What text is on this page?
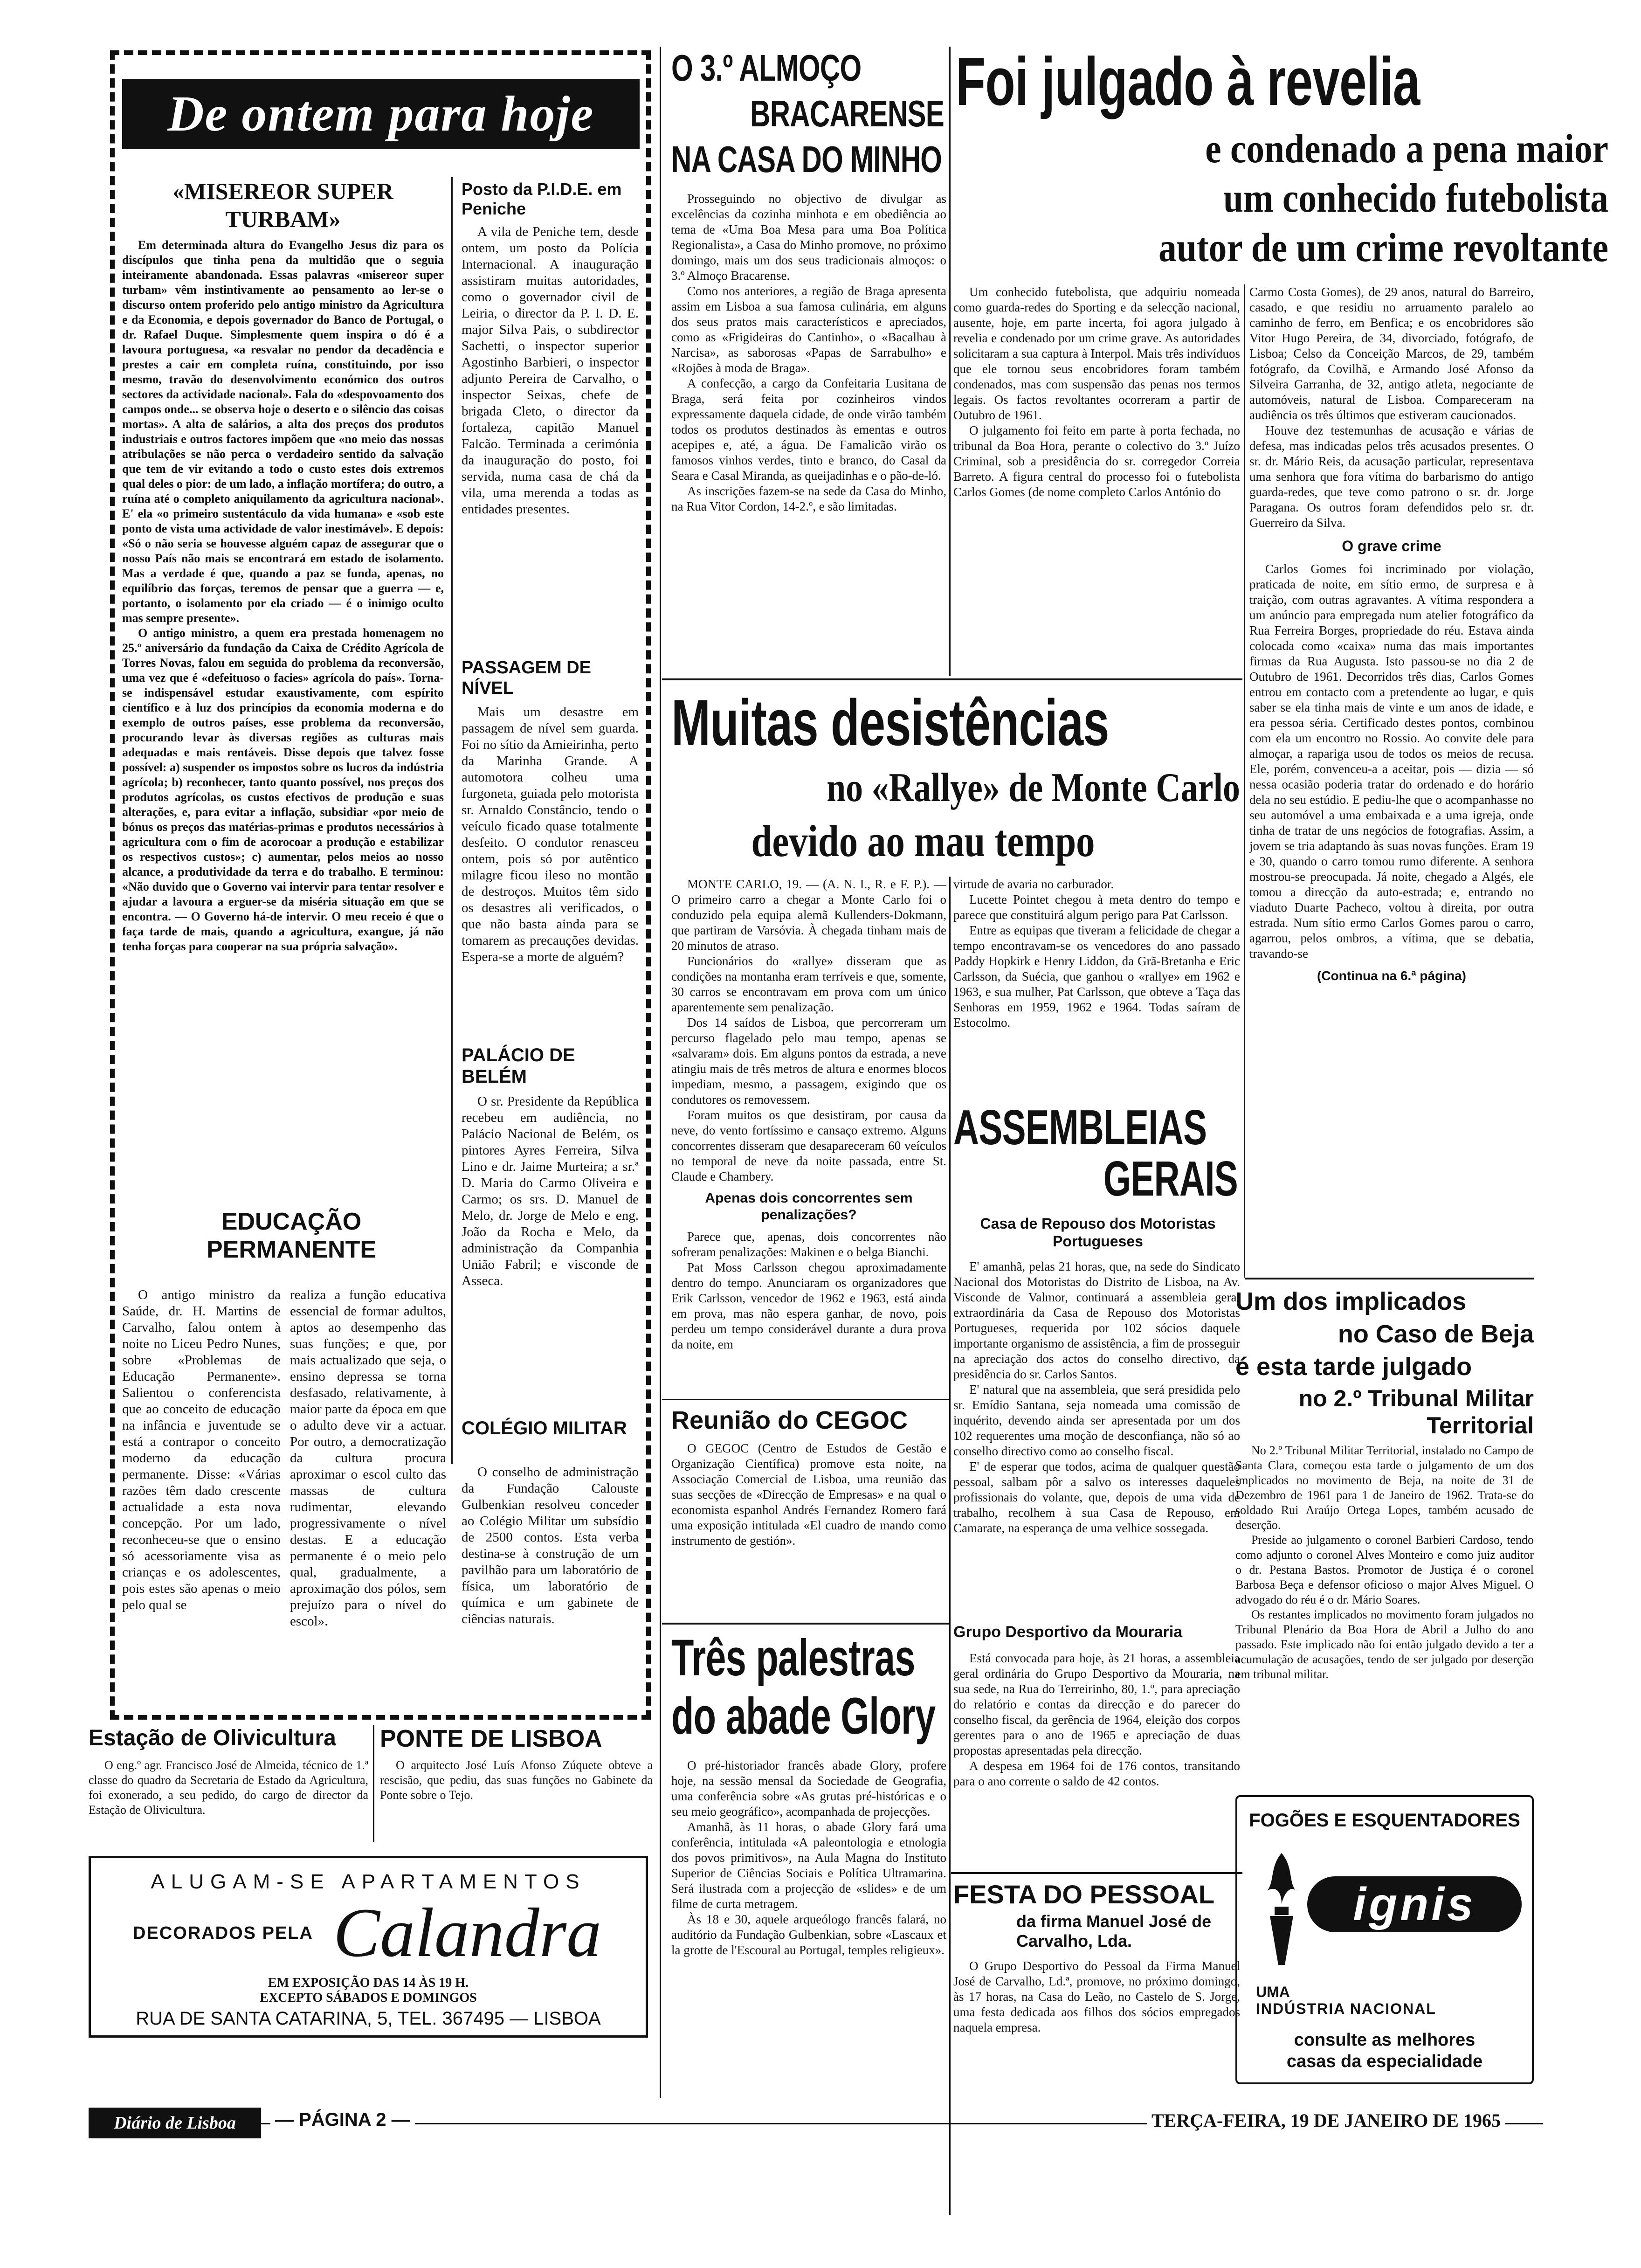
De ontem para hoje
«MISEREOR SUPER TURBAM»

Em determinada altura do Evangelho Jesus diz para os discípulos que tinha pena da multidão que o seguia inteiramente abandonada. Essas palavras «misereor super turbam» vêm instintivamente ao pensamento ao ler-se o discurso ontem proferido pelo antigo ministro da Agricultura e da Economia, e depois governador do Banco de Portugal, o dr. Rafael Duque. Simplesmente quem inspira o dó é a lavoura portuguesa, «a resvalar no pendor da decadência e prestes a cair em completa ruína, constituindo, por isso mesmo, travão do desenvolvimento económico dos outros sectores da actividade nacional». Fala do «despovoamento dos campos onde... se observa hoje o deserto e o silêncio das coisas mortas». A alta de salários, a alta dos preços dos produtos industriais e outros factores impõem que «no meio das nossas atribulações se não perca o verdadeiro sentido da salvação que tem de vir evitando a todo o custo estes dois extremos qual deles o pior: de um lado, a inflação mortífera; do outro, a ruína até o completo aniquilamento da agricultura nacional». E' ela «o primeiro sustentáculo da vida humana» e «sob este ponto de vista uma actividade de valor inestimável». E depois: «Só o não seria se houvesse alguém capaz de assegurar que o nosso País não mais se encontrará em estado de isolamento. Mas a verdade é que, quando a paz se funda, apenas, no equilíbrio das forças, teremos de pensar que a guerra — e, portanto, o isolamento por ela criado — é o inimigo oculto mas sempre presente».

O antigo ministro, a quem era prestada homenagem no 25.º aniversário da fundação da Caixa de Crédito Agrícola de Torres Novas, falou em seguida do problema da reconversão, uma vez que é «defeituoso o facies» agrícola do país». Torna-se indispensável estudar exaustivamente, com espírito científico e à luz dos princípios da economia moderna e do exemplo de outros países, esse problema da reconversão, procurando levar às diversas regiões as culturas mais adequadas e mais rentáveis. Disse depois que talvez fosse possível: a) suspender os impostos sobre os lucros da indústria agrícola; b) reconhecer, tanto quanto possível, nos preços dos produtos agrícolas, os custos efectivos de produção e suas alterações, e, para evitar a inflação, subsidiar «por meio de bónus os preços das matérias-primas e produtos necessários à agricultura com o fim de acorocoar a produção e estabilizar os respectivos custos»; c) aumentar, pelos meios ao nosso alcance, a produtividade da terra e do trabalho. E terminou: «Não duvido que o Governo vai intervir para tentar resolver e ajudar a lavoura a erguer-se da miséria situação em que se encontra. — O Governo há-de intervir. O meu receio é que o faça tarde de mais, quando a agricultura, exangue, já não tenha forças para cooperar na sua própria salvação».

Posto da P.I.D.E. em Peniche

A vila de Peniche tem, desde ontem, um posto da Polícia Internacional. A inauguração assistiram muitas autoridades, como o governador civil de Leiria, o director da P. I. D. E. major Silva Pais, o subdirector Sachetti, o inspector superior Agostinho Barbieri, o inspector adjunto Pereira de Carvalho, o inspector Seixas, chefe de brigada Cleto, o director da fortaleza, capitão Manuel Falcão. Terminada a cerimónia da inauguração do posto, foi servida, numa casa de chá da vila, uma merenda a todas as entidades presentes.

PASSAGEM DE NÍVEL

Mais um desastre em passagem de nível sem guarda. Foi no sítio da Amieirinha, perto da Marinha Grande. A automotora colheu uma furgoneta, guiada pelo motorista sr. Arnaldo Constâncio, tendo o veículo ficado quase totalmente desfeito. O condutor renasceu ontem, pois só por autêntico milagre ficou ileso no montão de destroços. Muitos têm sido os desastres ali verificados, o que não basta ainda para se tomarem as precauções devidas. Espera-se a morte de alguém?

PALÁCIO DE BELÉM

O sr. Presidente da República recebeu em audiência, no Palácio Nacional de Belém, os pintores Ayres Ferreira, Silva Lino e dr. Jaime Murteira; a sr.ª D. Maria do Carmo Oliveira e Carmo; os srs. D. Manuel de Melo, dr. Jorge de Melo e eng. João da Rocha e Melo, da administração da Companhia União Fabril; e visconde de Assecа.

COLÉGIO MILITAR

O conselho de administração da Fundação Calouste Gulbenkian resolveu conceder ao Colégio Militar um subsídio de 2500 contos. Esta verba destina-se à construção de um pavilhão para um laboratório de física, um laboratório de química e um gabinete de ciências naturais.

EDUCAÇÃO PERMANENTE

O antigo ministro da Saúde, dr. H. Martins de Carvalho, falou ontem à noite no Liceu Pedro Nunes, sobre «Problemas de Educação Permanente». Salientou o conferencista que ao conceito de educação na infância e juventude se está a contrapor o conceito moderno da educação permanente. Disse: «Várias razões têm dado crescente actualidade a esta nova concepção. Por um lado, reconheceu-se que o ensino só acessoriamente visa as crianças e os adolescentes, pois estes são apenas o meio pelo qual se

realiza a função educativa essencial de formar adultos, aptos ao desempenho das suas funções; e que, por mais actualizado que seja, o ensino depressa se torna desfasado, relativamente, à maior parte da época em que o adulto deve vir a actuar. Por outro, a democratização da cultura procura aproximar o escol culto das massas de cultura rudimentar, elevando progressivamente o nível destas. E a educação permanente é o meio pelo qual, gradualmente, a aproximação dos pólos, sem prejuízo para o nível do escol».

Estação de Olivicultura

O eng.º agr. Francisco José de Almeida, técnico de 1.ª classe do quadro da Secretaria de Estado da Agricultura, foi exonerado, a seu pedido, do cargo de director da Estação de Olivicultura.

PONTE DE LISBOA

O arquitecto José Luís Afonso Zúquete obteve a rescisão, que pediu, das suas funções no Gabinete da Ponte sobre o Tejo.

ALUGAM-SE APARTAMENTOS
DECORADOS PELA Calandra
EM EXPOSIÇÃO DAS 14 ÀS 19 H.
EXCEPTO SÁBADOS E DOMINGOS
RUA DE SANTA CATARINA, 5, TEL. 367495 — LISBOA
O 3.º ALMOÇO
BRACARENSE
NA CASA DO MINHO

Prosseguindo no objectivo de divulgar as excelências da cozinha minhota e em obediência ao tema de «Uma Boa Mesa para uma Boa Política Regionalista», a Casa do Minho promove, no próximo domingo, mais um dos seus tradicionais almoços: o 3.º Almoço Bracarense.

Como nos anteriores, a região de Braga apresenta assim em Lisboa a sua famosa culinária, em alguns dos seus pratos mais característicos e apreciados, como as «Frigideiras do Cantinho», o «Bacalhau à Narcisa», as saborosas «Papas de Sarrabulho» e «Rojões à moda de Braga».

A confecção, a cargo da Confeitaria Lusitana de Braga, será feita por cozinheiros vindos expressamente daquela cidade, de onde virão também todos os produtos destinados às ementas e outros acepipes e, até, a água. De Famalicão virão os famosos vinhos verdes, tinto e branco, do Casal da Seara e Casal Miranda, as queijadinhas e o pão-de-ló.

As inscrições fazem-se na sede da Casa do Minho, na Rua Vitor Cordon, 14-2.º, e são limitadas.

Foi julgado à revelia
e condenado a pena maior
um conhecido futebolista
autor de um crime revoltante

Um conhecido futebolista, que adquiriu nomeada como guarda-redes do Sporting e da selecção nacional, ausente, hoje, em parte incerta, foi agora julgado à revelia e condenado por um crime grave. As autoridades solicitaram a sua captura à Interpol. Mais três indivíduos que ele tornou seus encobridores foram também condenados, mas com suspensão das penas nos termos legais. Os factos revoltantes ocorreram a partir de Outubro de 1961.

O julgamento foi feito em parte à porta fechada, no tribunal da Boa Hora, perante o colectivo do 3.º Juízo Criminal, sob a presidência do sr. corregedor Correia Barreto. A figura central do processo foi o futebolista Carlos Gomes (de nome completo Carlos António do

Carmo Costa Gomes), de 29 anos, natural do Barreiro, casado, e que residiu no arruamento paralelo ao caminho de ferro, em Benfica; e os encobridores são Vitor Hugo Pereira, de 34, divorciado, fotógrafo, de Lisboa; Celso da Conceição Marcos, de 29, também fotógrafo, da Covilhã, e Armando José Afonso da Silveira Garranha, de 32, antigo atleta, negociante de automóveis, natural de Lisboa. Compareceram na audiência os três últimos que estiveram caucionados.

Houve dez testemunhas de acusação e várias de defesa, mas indicadas pelos três acusados presentes. O sr. dr. Mário Reis, da acusação particular, representava uma senhora que fora vítima do barbarismo do antigo guarda-redes, que teve como patrono o sr. dr. Jorge Paragana. Os outros foram defendidos pelo sr. dr. Guerreiro da Silva.

O grave crime

Carlos Gomes foi incriminado por violação, praticada de noite, em sítio ermo, de surpresa e à traição, com outras agravantes. A vítima respondera a um anúncio para empregada num atelier fotográfico da Rua Ferreira Borges, propriedade do réu. Estava ainda colocada como «caixa» numa das mais importantes firmas da Rua Augusta. Isto passou-se no dia 2 de Outubro de 1961. Decorridos três dias, Carlos Gomes entrou em contacto com a pretendente ao lugar, e quis saber se ela tinha mais de vinte e um anos de idade, e era pessoa séria. Certificado destes pontos, combinou com ela um encontro no Rossio. Ao convite dele para almoçar, a rapariga usou de todos os meios de recusa. Ele, porém, convenceu-a a aceitar, pois — dizia — só nessa ocasião poderia tratar do ordenado e do horário dela no seu estúdio. E pediu-lhe que o acompanhasse no seu automóvel a uma embaixada e a uma igreja, onde tinha de tratar de uns negócios de fotografias. Assim, a jovem se tria adaptando às suas novas funções. Eram 19 e 30, quando o carro tomou rumo diferente. A senhora mostrou-se preocupada. Já noite, chegado a Algés, ele tomou a direcção da auto-estrada; e, entrando no viaduto Duarte Pacheco, voltou à direita, por outra estrada. Num sítio ermo Carlos Gomes parou o carro, agarrou, pelos ombros, a vítima, que se debatia, travando-se

(Continua na 6.ª página)
Muitas desistências
no «Rallye» de Monte Carlo
devido ao mau tempo

MONTE CARLO, 19. — (A. N. I., R. e F. P.). — O primeiro carro a chegar a Monte Carlo foi o conduzido pela equipa alemã Kullenders-Dokmann, que partiram de Varsóvia. À chegada tinham mais de 20 minutos de atraso.

Funcionários do «rallye» disseram que as condições na montanha eram terríveis e que, somente, 30 carros se encontravam em prova com um único aparentemente sem penalização.

Dos 14 saídos de Lisboa, que percorreram um percurso flagelado pelo mau tempo, apenas se «salvaram» dois. Em alguns pontos da estrada, a neve atingiu mais de três metros de altura e enormes blocos impediam, mesmo, a passagem, exigindo que os condutores os removessem.

Foram muitos os que desistiram, por causa da neve, do vento fortíssimo e cansaço extremo. Alguns concorrentes disseram que desapareceram 60 veículos no temporal de neve da noite passada, entre St. Claude e Chambery.

Apenas dois concorrentes sem penalizações?

Parece que, apenas, dois concorrentes não sofreram penalizações: Makinen e o belga Bianchi.

Pat Moss Carlsson chegou aproximadamente dentro do tempo. Anunciaram os organizadores que Erik Carlsson, vencedor de 1962 e 1963, está ainda em prova, mas não espera ganhar, de novo, pois perdeu um tempo considerável durante a dura prova da noite, em

virtude de avaria no carburador.

Lucette Pointet chegou à meta dentro do tempo e parece que constituirá algum perigo para Pat Carlsson.

Entre as equipas que tiveram a felicidade de chegar a tempo encontravam-se os vencedores do ano passado Paddy Hopkirk e Henry Liddon, da Grã-Bretanha e Eric Carlsson, da Suécia, que ganhou o «rallye» em 1962 e 1963, e sua mulher, Pat Carlsson, que obteve a Taça das Senhoras em 1959, 1962 e 1964. Todas saíram de Estocolmo.

ASSEMBLEIAS
GERAIS
Casa de Repouso dos Motoristas Portugueses

E' amanhã, pelas 21 horas, que, na sede do Sindicato Nacional dos Motoristas do Distrito de Lisboa, na Av. Visconde de Valmor, continuará a assembleia geral extraordinária da Casa de Repouso dos Motoristas Portugueses, requerida por 102 sócios daquele importante organismo de assistência, a fim de prosseguir na apreciação dos actos do conselho directivo, da presidência do sr. Carlos Santos.

E' natural que na assembleia, que será presidida pelo sr. Emídio Santana, seja nomeada uma comissão de inquérito, devendo ainda ser apresentada por um dos 102 requerentes uma moção de desconfiança, não só ao conselho directivo como ao conselho fiscal.

E' de esperar que todos, acima de qualquer questão pessoal, salbam pôr a salvo os interesses daqueles profissionais do volante, que, depois de uma vida de trabalho, recolhem à sua Casa de Repouso, em Camarate, na esperança de uma velhice sossegada.

Grupo Desportivo da Mouraria

Está convocada para hoje, às 21 horas, a assembleia geral ordinária do Grupo Desportivo da Mouraria, na sua sede, na Rua do Terreirinho, 80, 1.º, para apreciação do relatório e contas da direcção e do parecer do conselho fiscal, da gerência de 1964, eleição dos corpos gerentes para o ano de 1965 e apreciação de duas propostas apresentadas pela direcção.

A despesa em 1964 foi de 176 contos, transitando para o ano corrente o saldo de 42 contos.

Reunião do CEGOC

O GEGOC (Centro de Estudos de Gestão e Organização Científica) promove esta noite, na Associação Comercial de Lisboa, uma reunião das suas secções de «Direcção de Empresas» e na qual o economista espanhol Andrés Fernandez Romero fará uma exposição intitulada «El cuadro de mando como instrumento de gestión».

Três palestras
do abade Glory

O pré-historiador francês abade Glory, profere hoje, na sessão mensal da Sociedade de Geografia, uma conferência sobre «As grutas pré-históricas e o seu meio geográfico», acompanhada de projecções.

Amanhã, às 11 horas, o abade Glory fará uma conferência, intitulada «A paleontologia e etnologia dos povos primitivos», na Aula Magna do Instituto Superior de Ciências Sociais e Política Ultramarina. Será ilustrada com a projecção de «slides» e de um filme de curta metragem.

Às 18 e 30, aquele arqueólogo francês falará, no auditório da Fundação Gulbenkian, sobre «Lascaux et la grotte de l'Escoural au Portugal, temples religieux».

FESTA DO PESSOAL
da firma Manuel José de Carvalho, Lda.

O Grupo Desportivo do Pessoal da Firma Manuel José de Carvalho, Ld.ª, promove, no próximo domingo, às 17 horas, na Casa do Leão, no Castelo de S. Jorge, uma festa dedicada aos filhos dos sócios empregados naquela empresa.

Um dos implicados
no Caso de Beja
é esta tarde julgado
no 2.º Tribunal Militar Territorial

No 2.º Tribunal Militar Territorial, instalado no Campo de Santa Clara, começou esta tarde o julgamento de um dos implicados no movimento de Beja, na noite de 31 de Dezembro de 1961 para 1 de Janeiro de 1962. Trata-se do soldado Rui Araújo Ortega Lopes, também acusado de deserção.

Preside ao julgamento o coronel Barbieri Cardoso, tendo como adjunto o coronel Alves Monteiro e como juiz auditor o dr. Pestana Bastos. Promotor de Justiça é o coronel Barbosa Beça e defensor oficioso o major Alves Miguel. O advogado do réu é o dr. Mário Soares.

Os restantes implicados no movimento foram julgados no Tribunal Plenário da Boa Hora de Abril a Julho do ano passado. Este implicado não foi então julgado devido a ter a acumulação de acusações, tendo de ser julgado por deserção em tribunal militar.

FOGÕES E ESQUENTADORES
ignis
UMA
INDÚSTRIA NACIONAL
consulte as melhores
casas da especialidade
Diário de Lisboa — PÁGINA 2 —	TERÇA-FEIRA, 19 DE JANEIRO DE 1965
